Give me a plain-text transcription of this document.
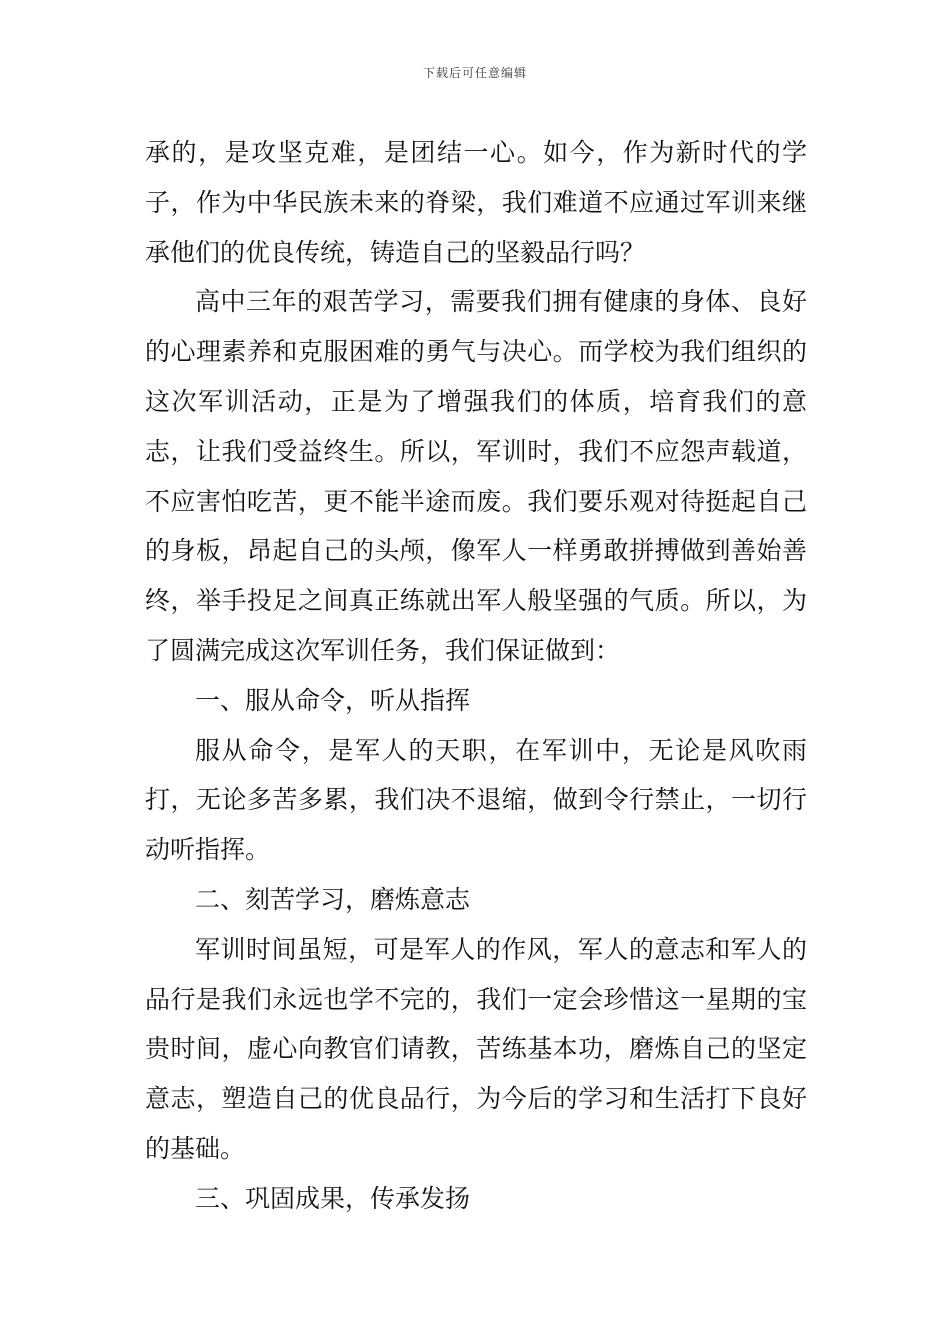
下载后可任意编辑

承的，是攻坚克难，是团结一心。如今，作为新时代的学子，作为中华民族未来的脊梁，我们难道不应通过军训来继承他们的优良传统，铸造自己的坚毅品行吗？

高中三年的艰苦学习，需要我们拥有健康的身体、良好的心理素养和克服困难的勇气与决心。而学校为我们组织的这次军训活动，正是为了增强我们的体质，培育我们的意志，让我们受益终生。所以，军训时，我们不应怨声载道，不应害怕吃苦，更不能半途而废。我们要乐观对待挺起自己的身板，昂起自己的头颅，像军人一样勇敢拼搏做到善始善终，举手投足之间真正练就出军人般坚强的气质。所以，为了圆满完成这次军训任务，我们保证做到：

一、服从命令，听从指挥

服从命令，是军人的天职，在军训中，无论是风吹雨打，无论多苦多累，我们决不退缩，做到令行禁止，一切行动听指挥。

二、刻苦学习，磨炼意志

军训时间虽短，可是军人的作风，军人的意志和军人的品行是我们永远也学不完的，我们一定会珍惜这一星期的宝贵时间，虚心向教官们请教，苦练基本功，磨炼自己的坚定意志，塑造自己的优良品行，为今后的学习和生活打下良好的基础。

三、巩固成果，传承发扬
